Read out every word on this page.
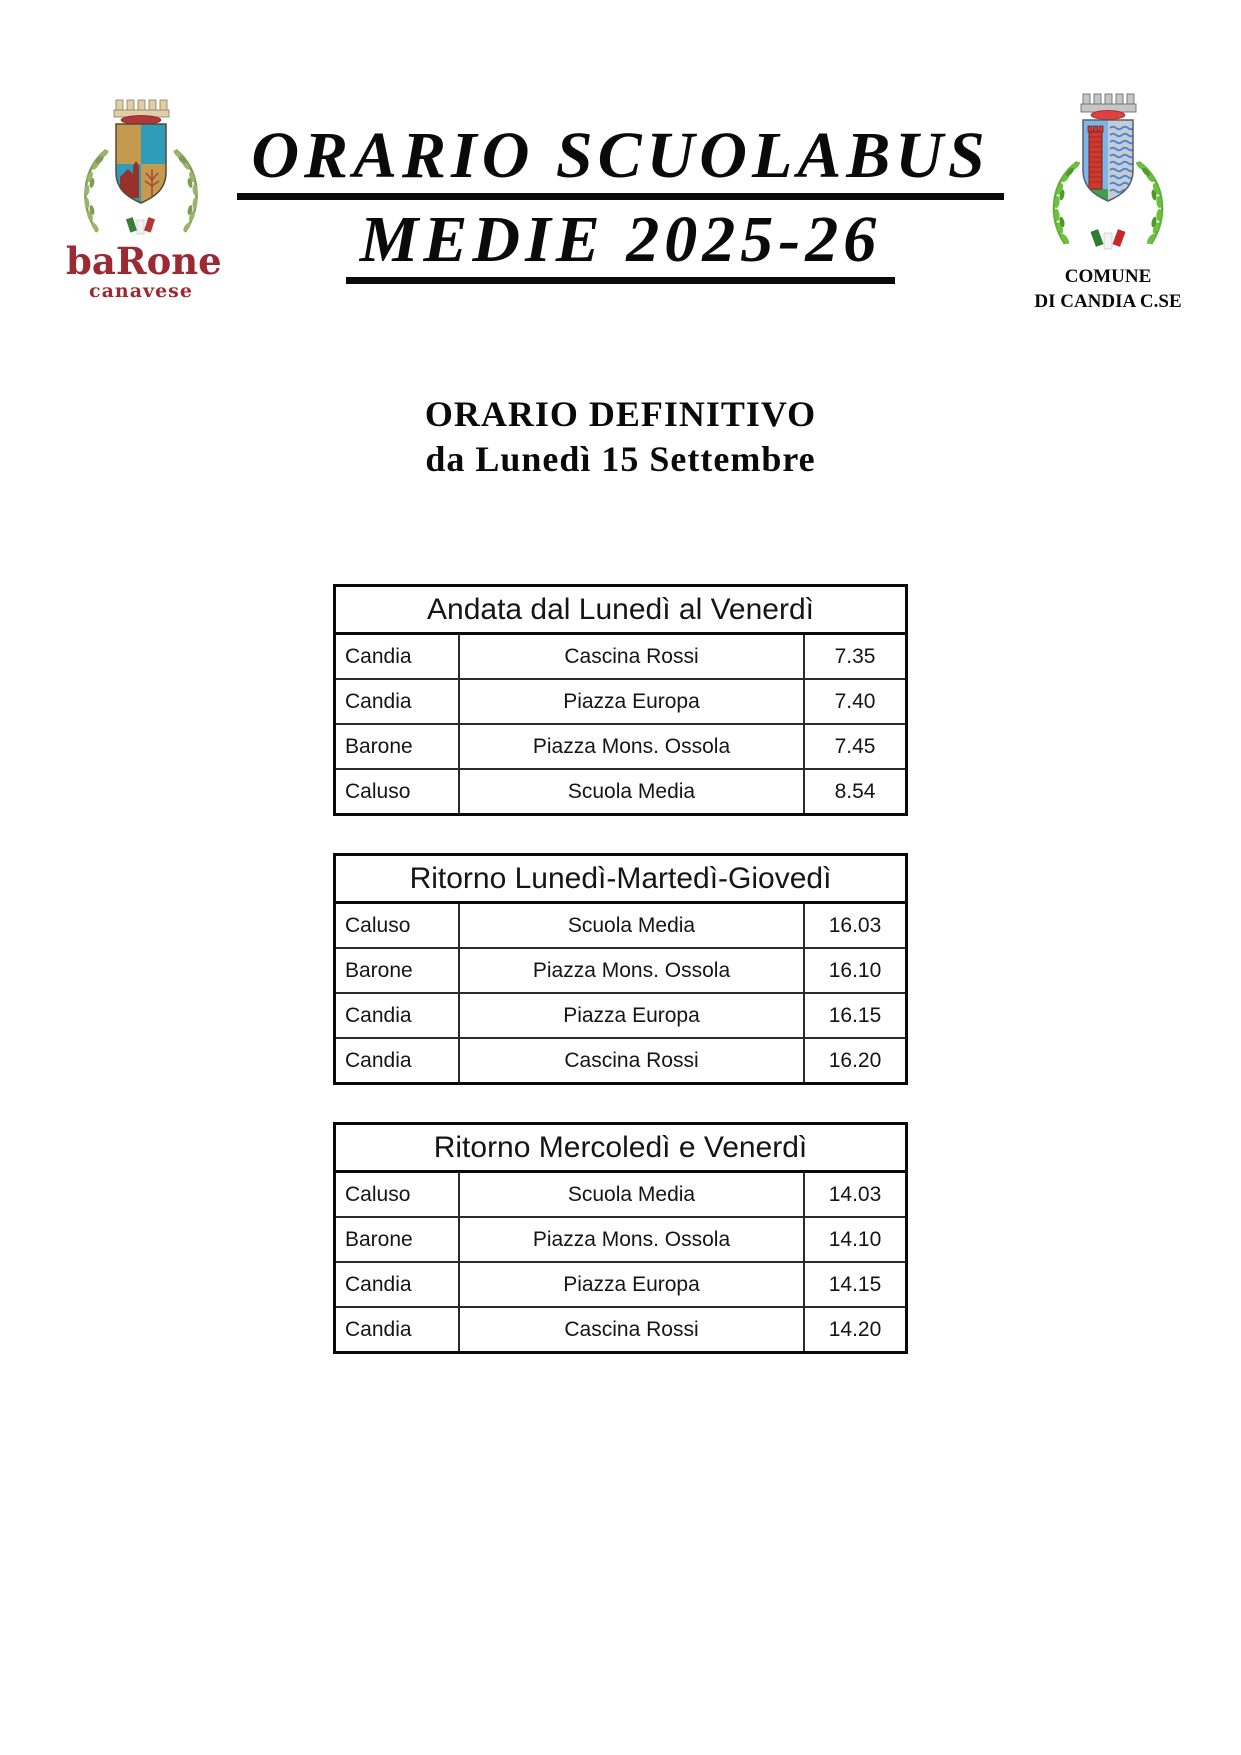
baRone
canavese
COMUNE
DI CANDIA C.SE
ORARIO SCUOLABUS
MEDIE 2025-26
ORARIO DEFINITIVO
da Lunedì 15 Settembre
Andata dal Lunedì al Venerdì
Candia	Cascina Rossi	7.35
Candia	Piazza Europa	7.40
Barone	Piazza Mons. Ossola	7.45
Caluso	Scuola Media	8.54
Ritorno Lunedì-Martedì-Giovedì
Caluso	Scuola Media	16.03
Barone	Piazza Mons. Ossola	16.10
Candia	Piazza Europa	16.15
Candia	Cascina Rossi	16.20
Ritorno Mercoledì e Venerdì
Caluso	Scuola Media	14.03
Barone	Piazza Mons. Ossola	14.10
Candia	Piazza Europa	14.15
Candia	Cascina Rossi	14.20
